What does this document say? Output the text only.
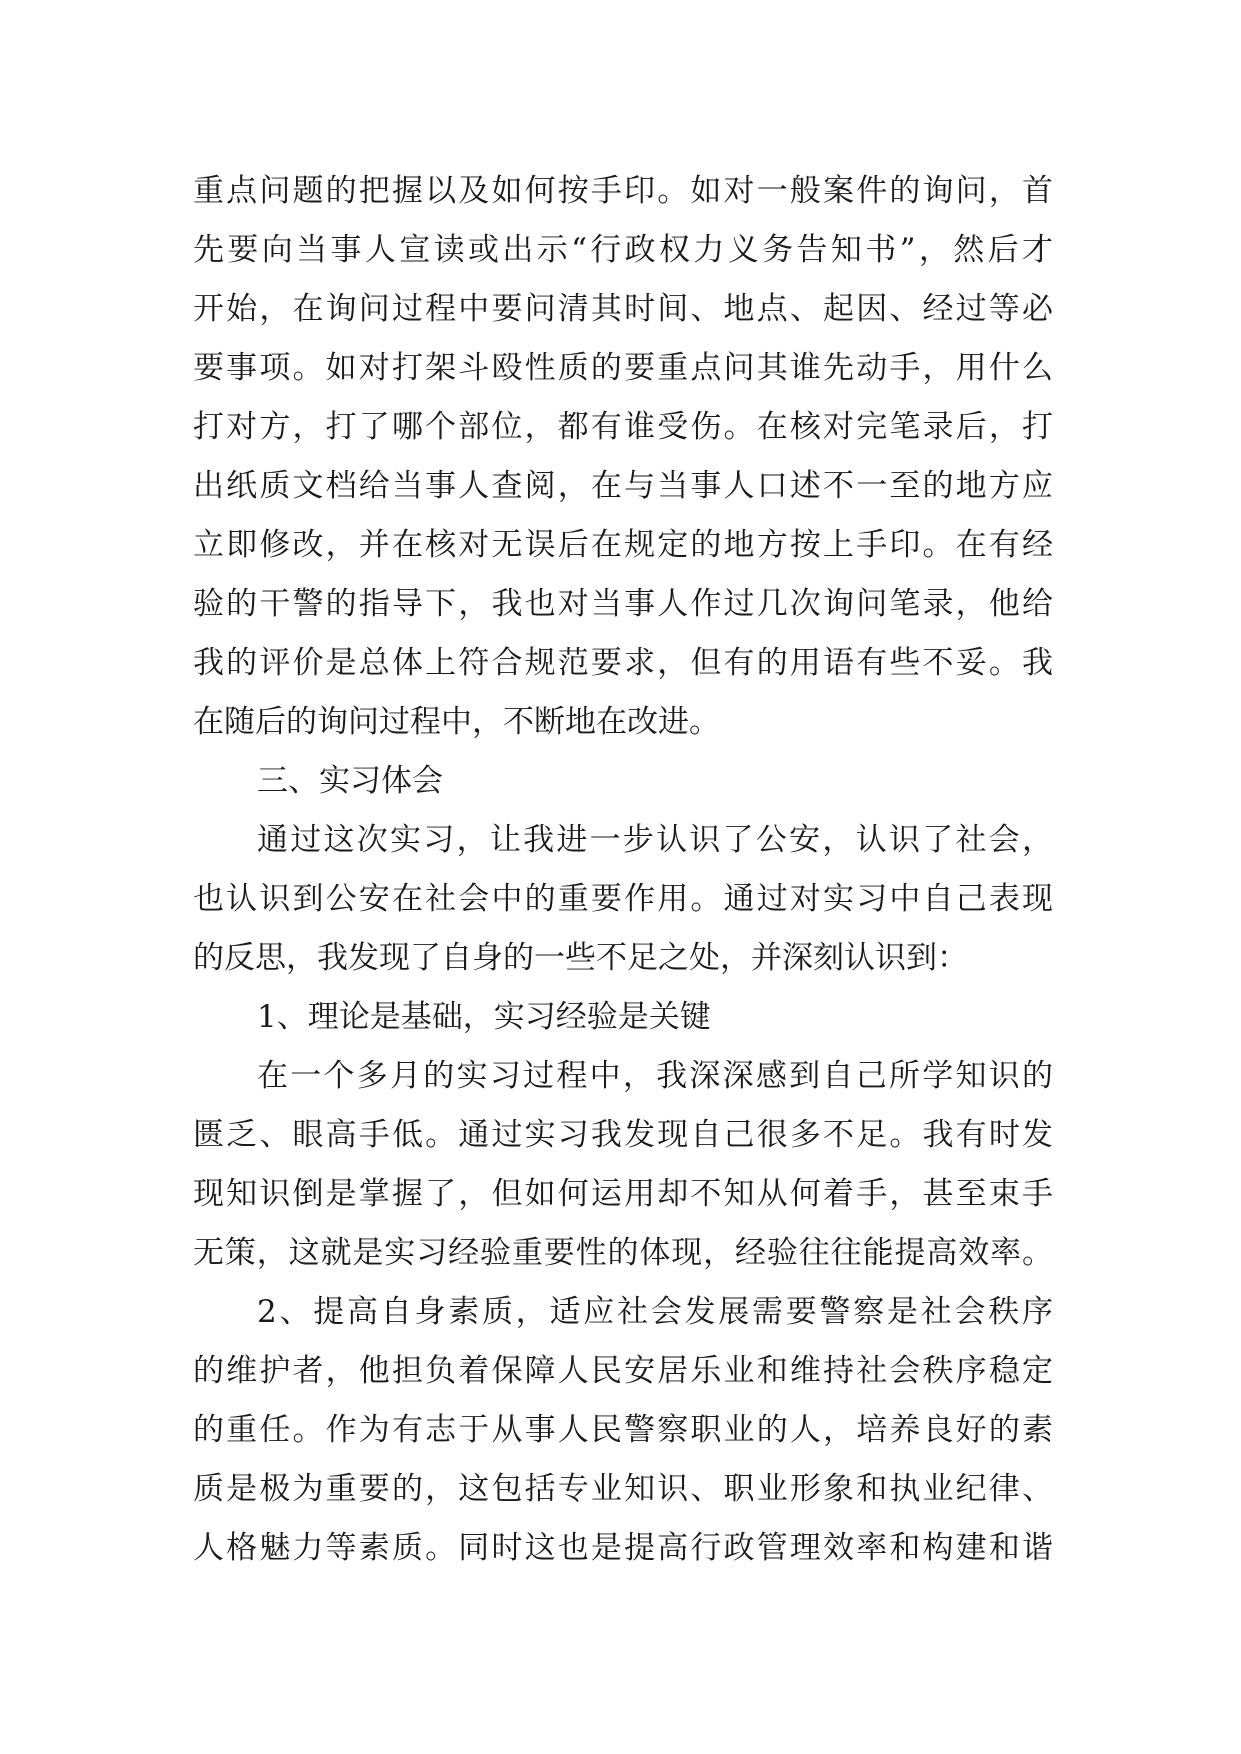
重点问题的把握以及如何按手印。如对一般案件的询问，首
先要向当事人宣读或出示“行政权力义务告知书”，然后才
开始，在询问过程中要问清其时间、地点、起因、经过等必
要事项。如对打架斗殴性质的要重点问其谁先动手，用什么
打对方，打了哪个部位，都有谁受伤。在核对完笔录后，打
出纸质文档给当事人查阅，在与当事人口述不一至的地方应
立即修改，并在核对无误后在规定的地方按上手印。在有经
验的干警的指导下，我也对当事人作过几次询问笔录，他给
我的评价是总体上符合规范要求，但有的用语有些不妥。我
在随后的询问过程中，不断地在改进。
三、实习体会
通过这次实习，让我进一步认识了公安，认识了社会，
也认识到公安在社会中的重要作用。通过对实习中自己表现
的反思，我发现了自身的一些不足之处，并深刻认识到：
1、理论是基础，实习经验是关键
在一个多月的实习过程中，我深深感到自己所学知识的
匮乏、眼高手低。通过实习我发现自己很多不足。我有时发
现知识倒是掌握了，但如何运用却不知从何着手，甚至束手
无策，这就是实习经验重要性的体现，经验往往能提高效率。
2、提高自身素质，适应社会发展需要警察是社会秩序
的维护者，他担负着保障人民安居乐业和维持社会秩序稳定
的重任。作为有志于从事人民警察职业的人，培养良好的素
质是极为重要的，这包括专业知识、职业形象和执业纪律、
人格魅力等素质。同时这也是提高行政管理效率和构建和谐
